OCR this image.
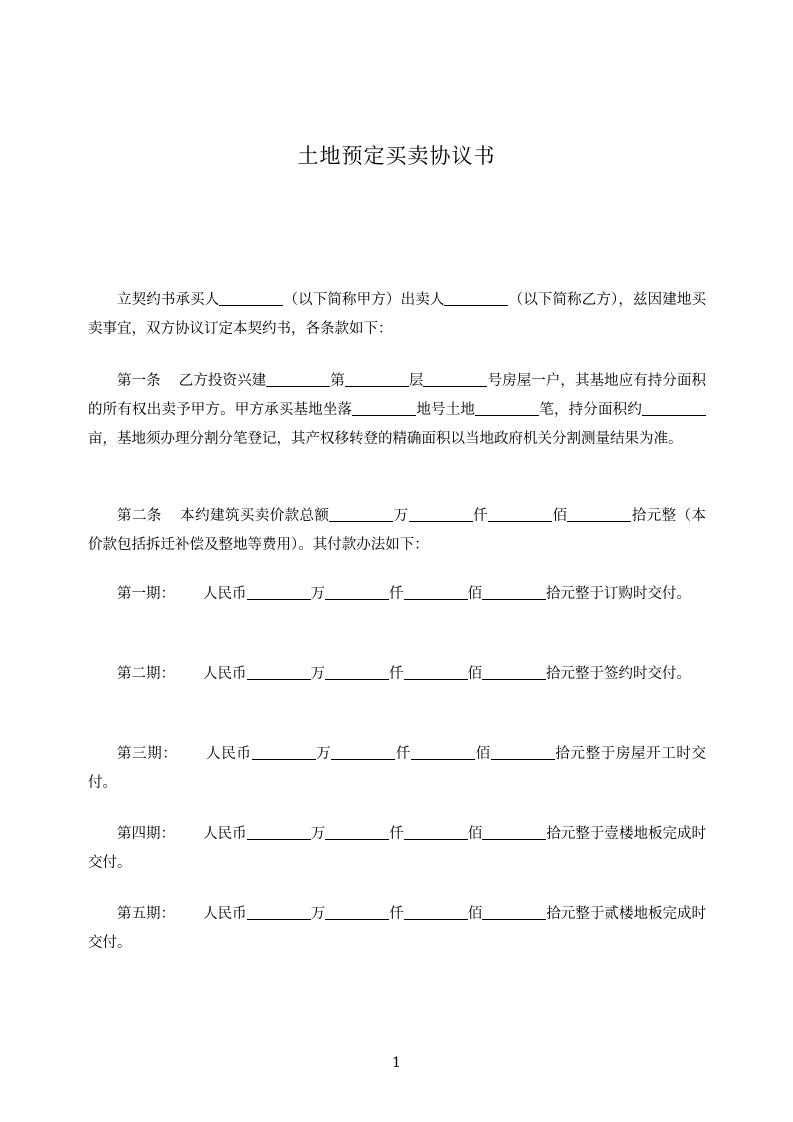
土地预定买卖协议书

立契约书承买人	（以下简称甲方）出卖人	（以下简称乙方），兹因建地买卖事宜，双方协议订定本契约书，各条款如下：

第一条 乙方投资兴建	第	层	号房屋一户，其基地应有持分面积的所有权出卖予甲方。甲方承买基地坐落	地号土地	笔，持分面积约亩，基地须办理分割分笔登记，其产权移转登的精确面积以当地政府机关分割测量结果为准。

第二条 本约建筑买卖价款总额	万	仟	佰	拾元整（本价款包括拆迁补偿及整地等费用）。其付款办法如下：

第一期： 人民币	万	仟	佰	拾元整于订购时交付。

第二期： 人民币	万	仟	佰	拾元整于签约时交付。

第三期： 人民币	万	仟	佰	拾元整于房屋开工时交付。

第四期： 人民币	万	仟	佰	拾元整于壹楼地板完成时交付。

第五期： 人民币	万	仟	佰	拾元整于贰楼地板完成时交付。

1
